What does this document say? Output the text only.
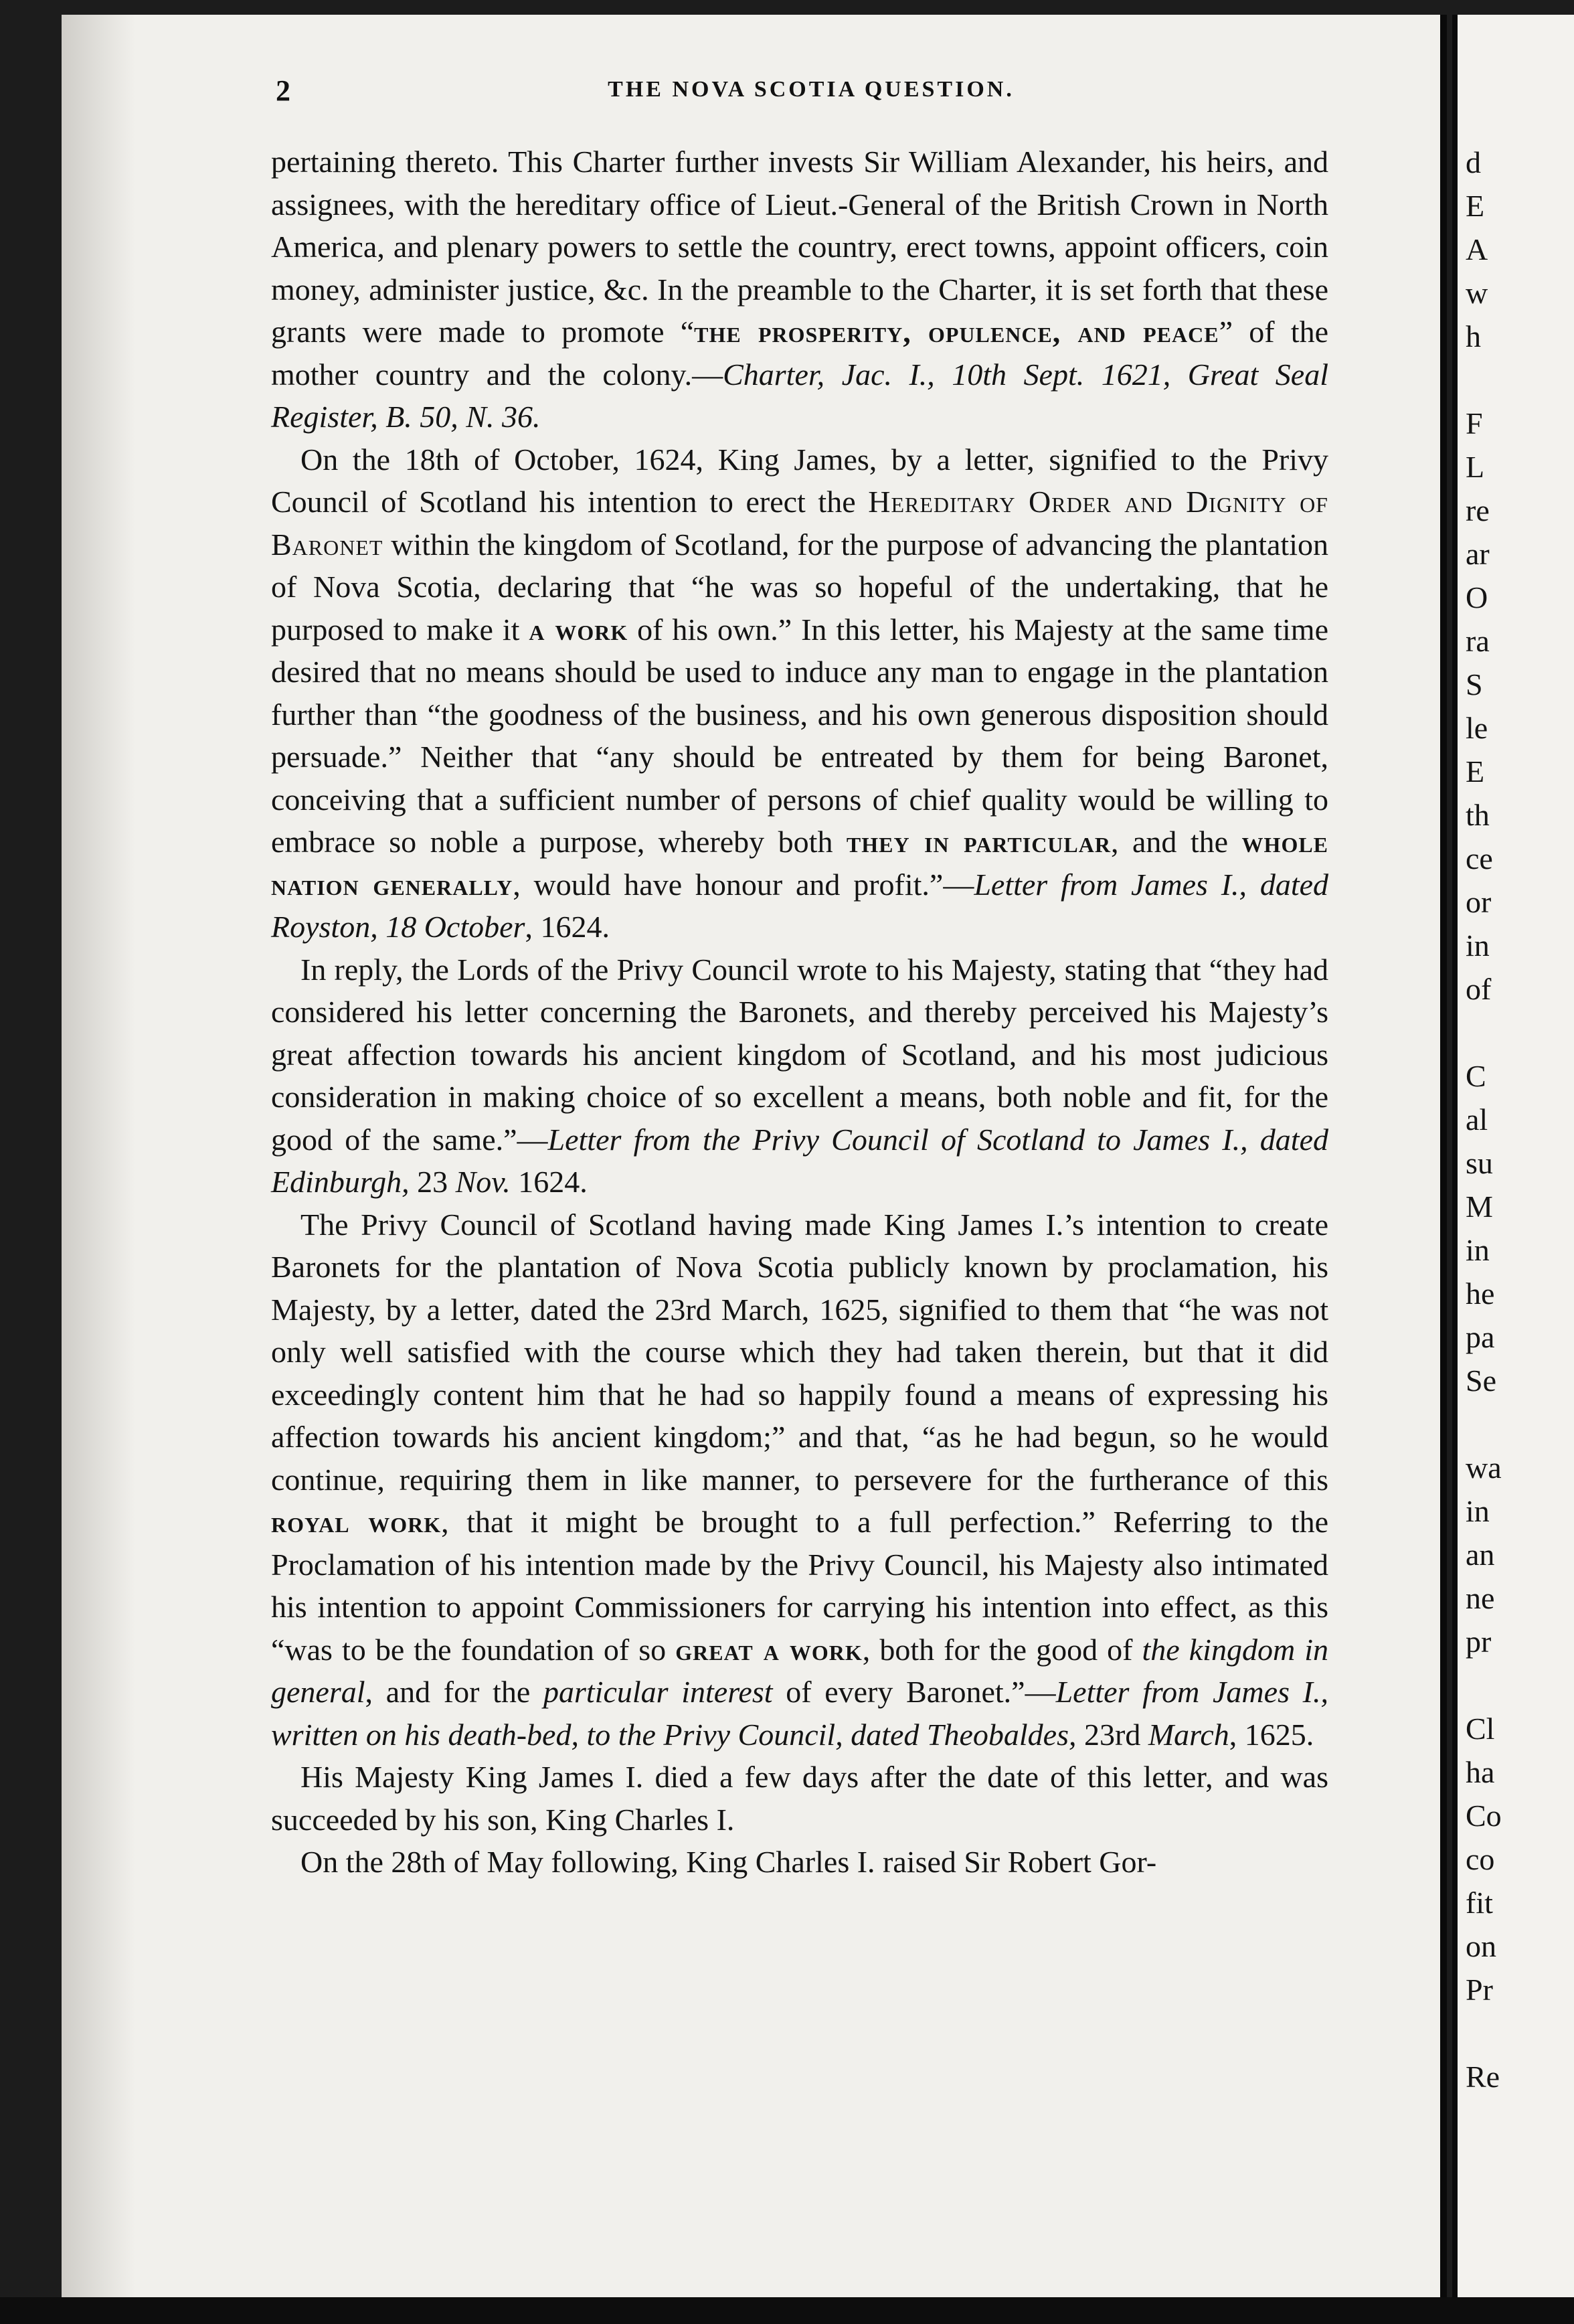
2	THE NOVA SCOTIA QUESTION.

pertaining thereto. This Charter further invests Sir William Alexander, his heirs, and assignees, with the hereditary office of Lieut.-General of the British Crown in North America, and plenary powers to settle the country, erect towns, appoint officers, coin money, administer justice, &c. In the preamble to the Charter, it is set forth that these grants were made to promote “the prosperity, opulence, and peace” of the mother country and the colony.—Charter, Jac. I., 10th Sept. 1621, Great Seal Register, B. 50, N. 36.

On the 18th of October, 1624, King James, by a letter, signified to the Privy Council of Scotland his intention to erect the Hereditary Order and Dignity of Baronet within the kingdom of Scotland, for the purpose of advancing the plantation of Nova Scotia, declaring that “he was so hopeful of the undertaking, that he purposed to make it a work of his own.” In this letter, his Majesty at the same time desired that no means should be used to induce any man to engage in the plantation further than “the goodness of the business, and his own generous disposition should persuade.” Neither that “any should be entreated by them for being Baronet, conceiving that a sufficient number of persons of chief quality would be willing to embrace so noble a purpose, whereby both they in particular, and the whole nation generally, would have honour and profit.”—Letter from James I., dated Royston, 18 October, 1624.

In reply, the Lords of the Privy Council wrote to his Majesty, stating that “they had considered his letter concerning the Baronets, and thereby perceived his Majesty’s great affection towards his ancient kingdom of Scotland, and his most judicious consideration in making choice of so excellent a means, both noble and fit, for the good of the same.”—Letter from the Privy Council of Scotland to James I., dated Edinburgh, 23 Nov. 1624.

The Privy Council of Scotland having made King James I.’s intention to create Baronets for the plantation of Nova Scotia publicly known by proclamation, his Majesty, by a letter, dated the 23rd March, 1625, signified to them that “he was not only well satisfied with the course which they had taken therein, but that it did exceedingly content him that he had so happily found a means of expressing his affection towards his ancient kingdom;” and that, “as he had begun, so he would continue, requiring them in like manner, to persevere for the furtherance of this royal work, that it might be brought to a full perfection.” Referring to the Proclamation of his intention made by the Privy Council, his Majesty also intimated his intention to appoint Commissioners for carrying his intention into effect, as this “was to be the foundation of so great a work, both for the good of the kingdom in general, and for the particular interest of every Baronet.”—Letter from James I., written on his death-bed, to the Privy Council, dated Theobaldes, 23rd March, 1625.

His Majesty King James I. died a few days after the date of this letter, and was succeeded by his son, King Charles I.

On the 28th of May following, King Charles I. raised Sir Robert Gor-

d
E
A
w
h
F
L
re
ar
O
ra
S
le
E
th
ce
or
in
of
C
al
su
M
in
he
pa
Se
wa
in
an
ne
pr
Cl
ha
Co
co
fit
on
Pr
Re
